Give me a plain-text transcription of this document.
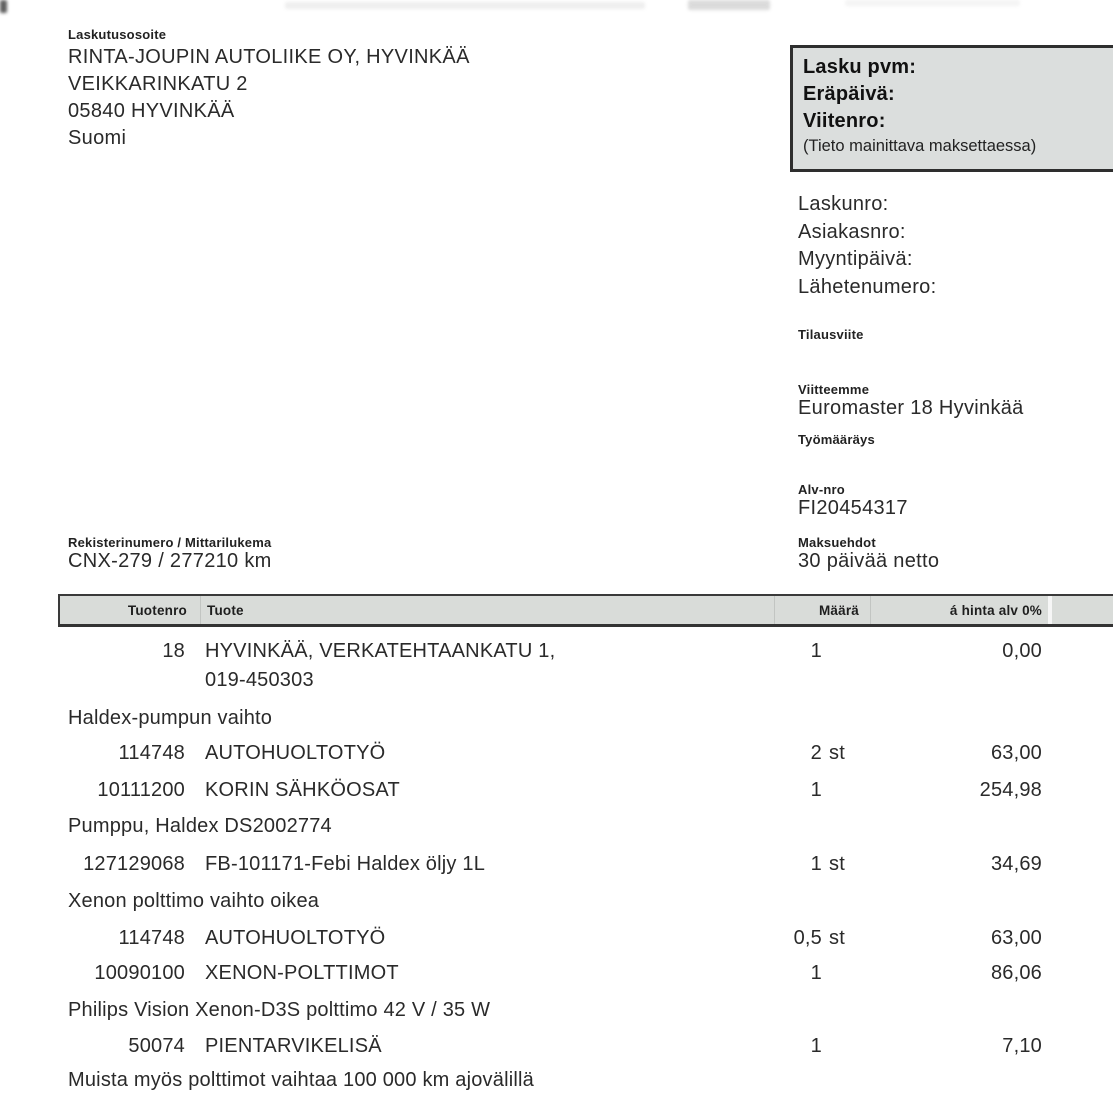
Laskutusosoite
RINTA-JOUPIN AUTOLIIKE OY, HYVINKÄÄ
VEIKKARINKATU 2
05840 HYVINKÄÄ
Suomi
Lasku pvm:
Eräpäivä:
Viitenro:
(Tieto mainittava maksettaessa)
Laskunro:
Asiakasnro:
Myyntipäivä:
Lähetenumero:
Tilausviite
Viitteemme
Euromaster 18 Hyvinkää
Työmääräys
Alv-nro
FI20454317
Maksuehdot
30 päivää netto
Rekisterinumero / Mittarilukema
CNX-279 / 277210 km
Tuotenro Tuote	Määrä	á hinta alv 0%
18 HYVINKÄÄ, VERKATEHTAANKATU 1,	1	0,00
019-450303
Haldex-pumpun vaihto
114748 AUTOHUOLTOTYÖ	2 st	63,00
10111200 KORIN SÄHKÖOSAT	1	254,98
Pumppu, Haldex DS2002774
127129068 FB-101171-Febi Haldex öljy 1L	1 st	34,69
Xenon polttimo vaihto oikea
114748 AUTOHUOLTOTYÖ	0,5 st	63,00
10090100 XENON-POLTTIMOT	1	86,06
Philips Vision Xenon-D3S polttimo 42 V / 35 W
50074 PIENTARVIKELISÄ	1	7,10
Muista myös polttimot vaihtaa 100 000 km ajovälillä
